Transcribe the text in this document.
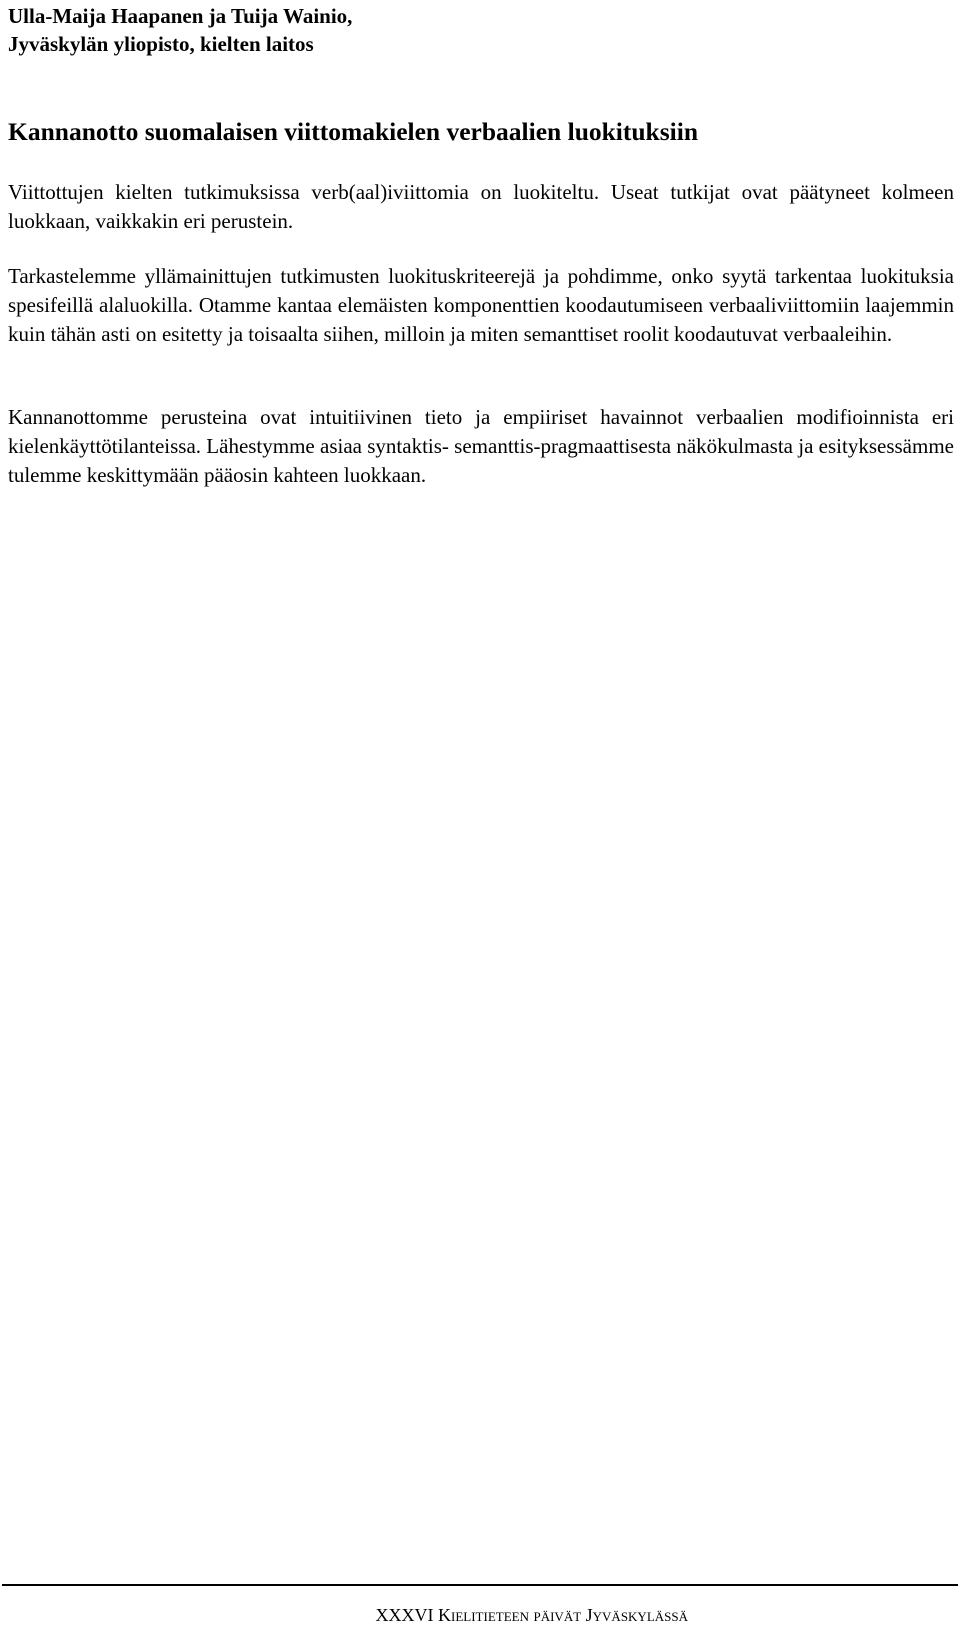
Ulla-Maija Haapanen ja Tuija Wainio,
Jyväskylän yliopisto, kielten laitos
Kannanotto suomalaisen viittomakielen verbaalien luokituksiin

Viittottujen kielten tutkimuksissa verb(aal)iviittomia on luokiteltu. Useat tutkijat ovat päätyneet kolmeen luokkaan, vaikkakin eri perustein.

Tarkastelemme yllämainittujen tutkimusten luokituskriteerejä ja pohdimme, onko syytä tarkentaa luokituksia spesifeillä alaluokilla. Otamme kantaa elemäisten komponenttien koodautumiseen verbaaliviittomiin laajemmin kuin tähän asti on esitetty ja toisaalta siihen, milloin ja miten semanttiset roolit koodautuvat verbaaleihin.

Kannanottomme perusteina ovat intuitiivinen tieto ja empiiriset havainnot verbaalien modifioinnista eri kielenkäyttötilanteissa. Lähestymme asiaa syntaktis- semanttis-pragmaattisesta näkökulmasta ja esityksessämme tulemme keskittymään pääosin kahteen luokkaan.

XXXVI Kielitieteen päivät Jyväskylässä
